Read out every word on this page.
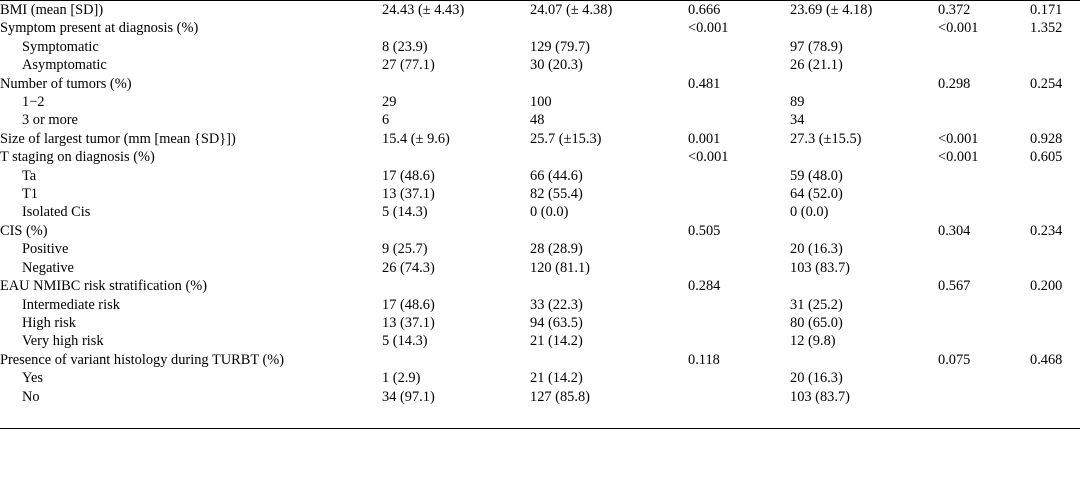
BMI (mean [SD])	24.43 (± 4.43)	24.07 (± 4.38)	0.666	23.69 (± 4.18)	0.372	0.171
Symptom present at diagnosis (%)			<0.001		<0.001	1.352
Symptomatic	8 (23.9)	129 (79.7)		97 (78.9)		
Asymptomatic	27 (77.1)	30 (20.3)		26 (21.1)		
Number of tumors (%)			0.481		0.298	0.254
1−2	29	100		89		
3 or more	6	48		34		
Size of largest tumor (mm [mean {SD}])	15.4 (± 9.6)	25.7 (±15.3)	0.001	27.3 (±15.5)	<0.001	0.928
T staging on diagnosis (%)			<0.001		<0.001	0.605
Ta	17 (48.6)	66 (44.6)		59 (48.0)		
T1	13 (37.1)	82 (55.4)		64 (52.0)		
Isolated Cis	5 (14.3)	0 (0.0)		0 (0.0)		
CIS (%)			0.505		0.304	0.234
Positive	9 (25.7)	28 (28.9)		20 (16.3)		
Negative	26 (74.3)	120 (81.1)		103 (83.7)		
EAU NMIBC risk stratification (%)			0.284		0.567	0.200
Intermediate risk	17 (48.6)	33 (22.3)		31 (25.2)		
High risk	13 (37.1)	94 (63.5)		80 (65.0)		
Very high risk	5 (14.3)	21 (14.2)		12 (9.8)		
Presence of variant histology during TURBT (%)			0.118		0.075	0.468
Yes	1 (2.9)	21 (14.2)		20 (16.3)		
No	34 (97.1)	127 (85.8)		103 (83.7)		
